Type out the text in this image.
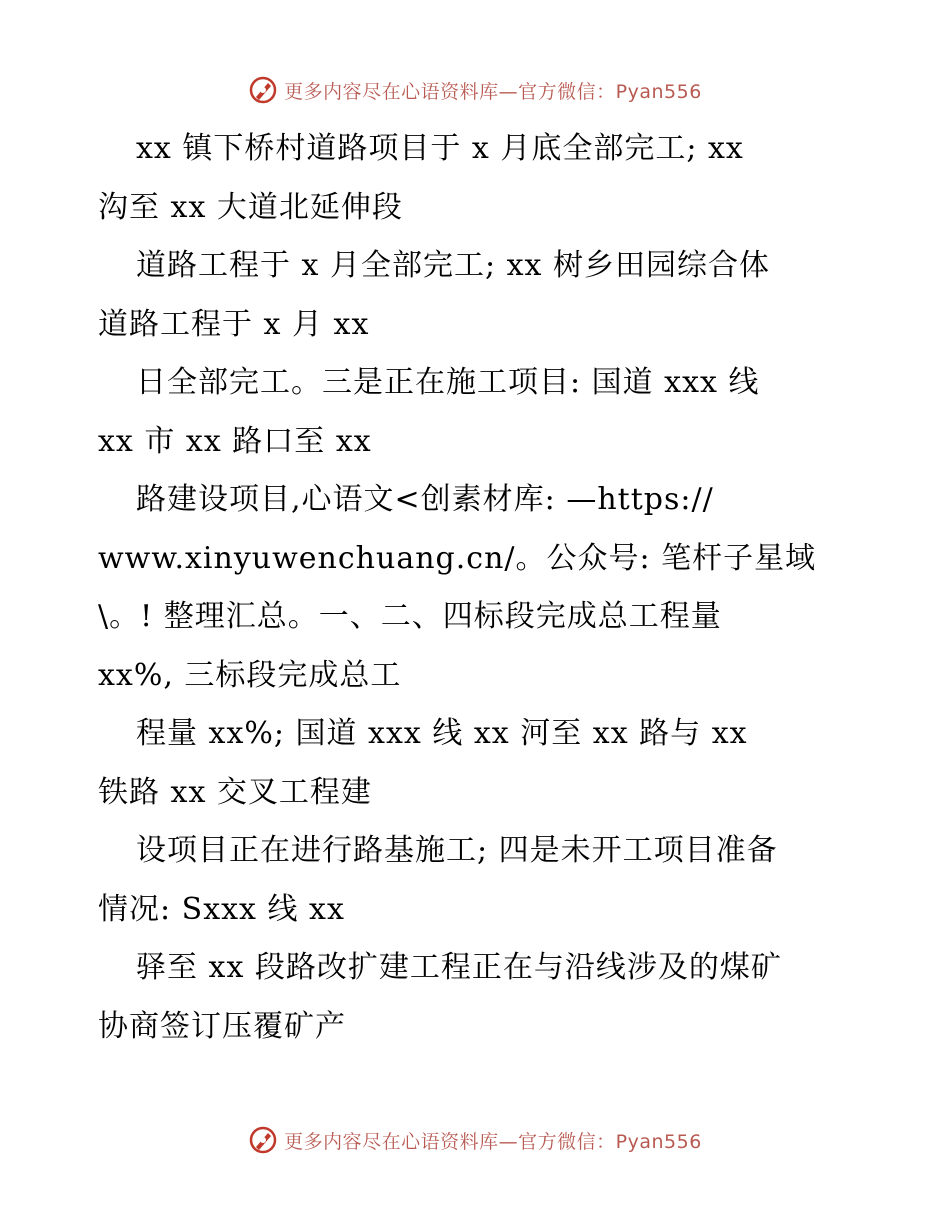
更多内容尽在心语资料库—官方微信：Pyan556

xx 镇下桥村道路项目于 x 月底全部完工; xx
沟至 xx 大道北延伸段

道路工程于 x 月全部完工; xx 树乡田园综合体
道路工程于 x 月 xx

日全部完工。三是正在施工项目: 国道 xxx 线
xx 市 xx 路口至 xx

路建设项目,心语文<创素材库: —https://
www.xinyuwenchuang.cn/。公众号: 笔杆子星域

\。! 整理汇总。一、二、四标段完成总工程量
xx%, 三标段完成总工

程量 xx%; 国道 xxx 线 xx 河至 xx 路与 xx
铁路 xx 交叉工程建

设项目正在进行路基施工; 四是未开工项目准备
情况: Sxxx 线 xx

驿至 xx 段路改扩建工程正在与沿线涉及的煤矿
协商签订压覆矿产

更多内容尽在心语资料库—官方微信：Pyan556
